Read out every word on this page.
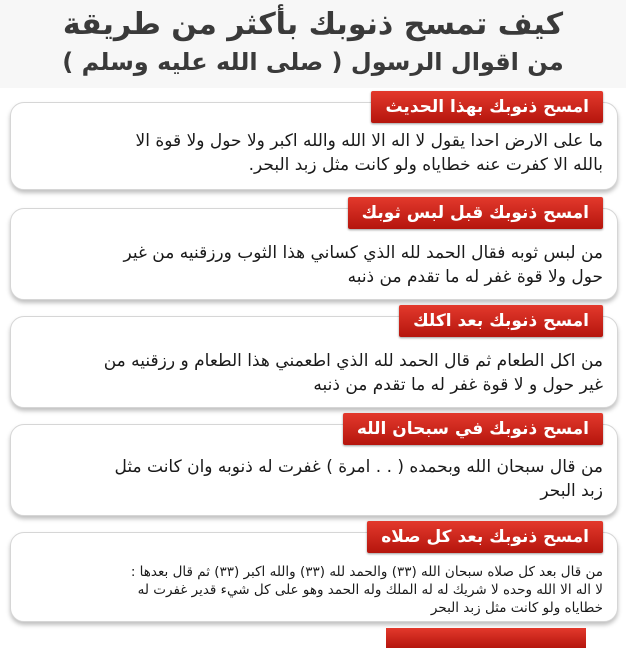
كيف تمسح ذنوبك بأكثر من طريقة
من اقوال الرسول ( صلى الله عليه وسلم )
امسح ذنوبك بهذا الحديث
ما على الارض احدا يقول لا اله الا الله والله اكبر ولا حول ولا قوة الا
بالله الا كفرت عنه خطاياه ولو كانت مثل زبد البحر.
امسح ذنوبك قبل لبس ثوبك
من لبس ثوبه فقال الحمد لله الذي كساني هذا الثوب ورزقنيه من غير
حول ولا قوة غفر له ما تقدم من ذنبه
امسح ذنوبك بعد اكلك
من اكل الطعام ثم قال الحمد لله الذي اطعمني هذا الطعام و رزقنيه من
غير حول و لا قوة غفر له ما تقدم من ذنبه
امسح ذنوبك في سبحان الله
من قال سبحان الله وبحمده ( . . امرة ) غفرت له ذنوبه وان كانت مثل
زبد البحر
امسح ذنوبك بعد كل صلاه
من قال بعد كل صلاه سبحان الله (٣٣) والحمد لله (٣٣) والله اكبر (٣٣) ثم قال بعدها :
لا اله الا الله وحده لا شريك له له الملك وله الحمد وهو على كل شيء قدير غفرت له
خطاياه ولو كانت مثل زبد البحر
